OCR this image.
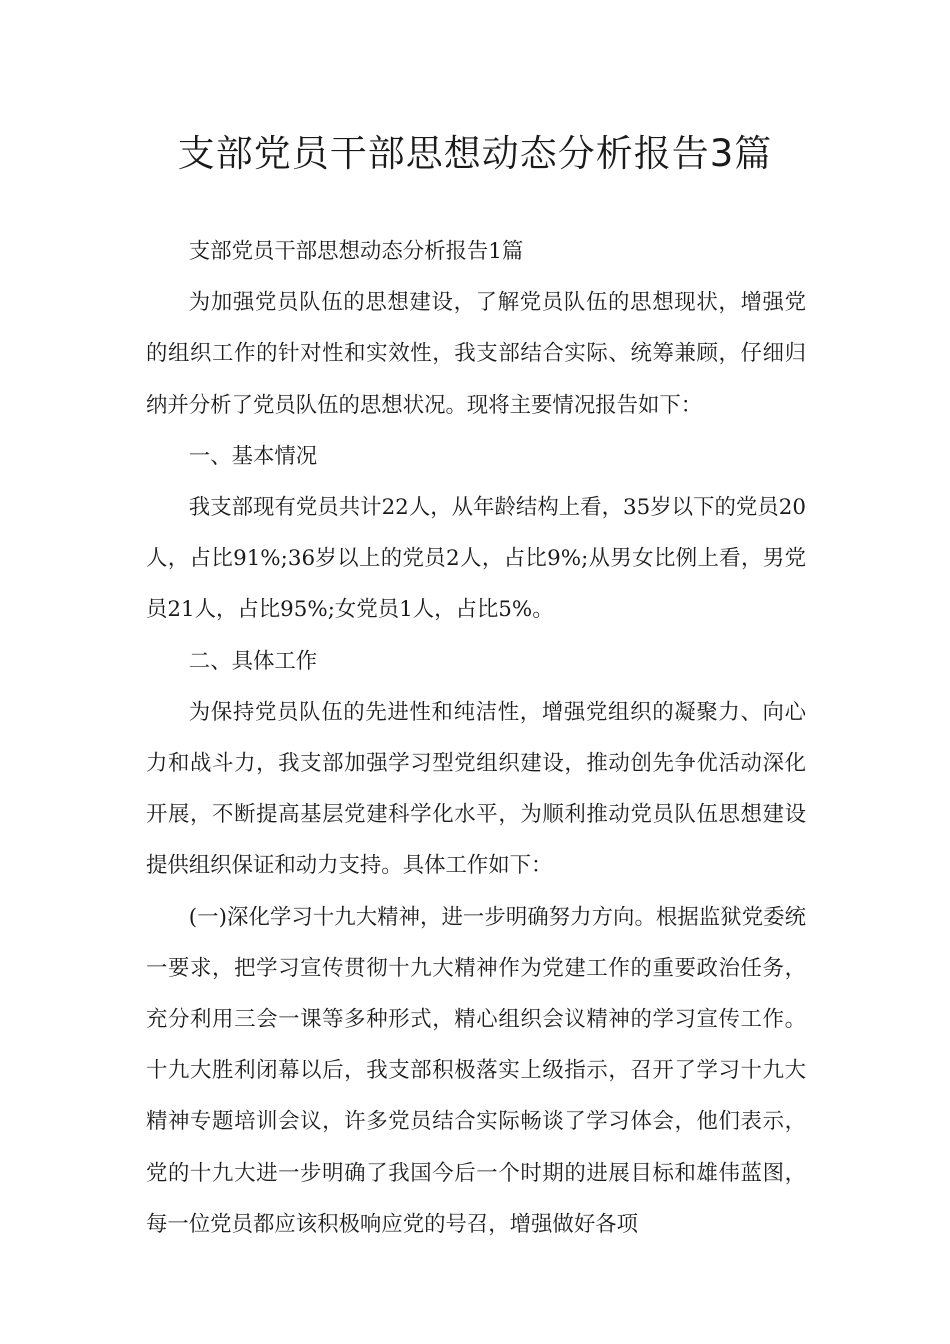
支部党员干部思想动态分析报告3篇

支部党员干部思想动态分析报告1篇

为加强党员队伍的思想建设，了解党员队伍的思想现状，增强党的组织工作的针对性和实效性，我支部结合实际、统筹兼顾，仔细归纳并分析了党员队伍的思想状况。现将主要情况报告如下：

一、基本情况

我支部现有党员共计22人，从年龄结构上看，35岁以下的党员20人，占比91%;36岁以上的党员2人，占比9%;从男女比例上看，男党员21人，占比95%;女党员1人，占比5%。

二、具体工作

为保持党员队伍的先进性和纯洁性，增强党组织的凝聚力、向心力和战斗力，我支部加强学习型党组织建设，推动创先争优活动深化开展，不断提高基层党建科学化水平，为顺利推动党员队伍思想建设提供组织保证和动力支持。具体工作如下：

(一)深化学习十九大精神，进一步明确努力方向。根据监狱党委统一要求，把学习宣传贯彻十九大精神作为党建工作的重要政治任务，充分利用三会一课等多种形式，精心组织会议精神的学习宣传工作。十九大胜利闭幕以后，我支部积极落实上级指示，召开了学习十九大精神专题培训会议，许多党员结合实际畅谈了学习体会，他们表示，党的十九大进一步明确了我国今后一个时期的进展目标和雄伟蓝图，每一位党员都应该积极响应党的号召，增强做好各项
